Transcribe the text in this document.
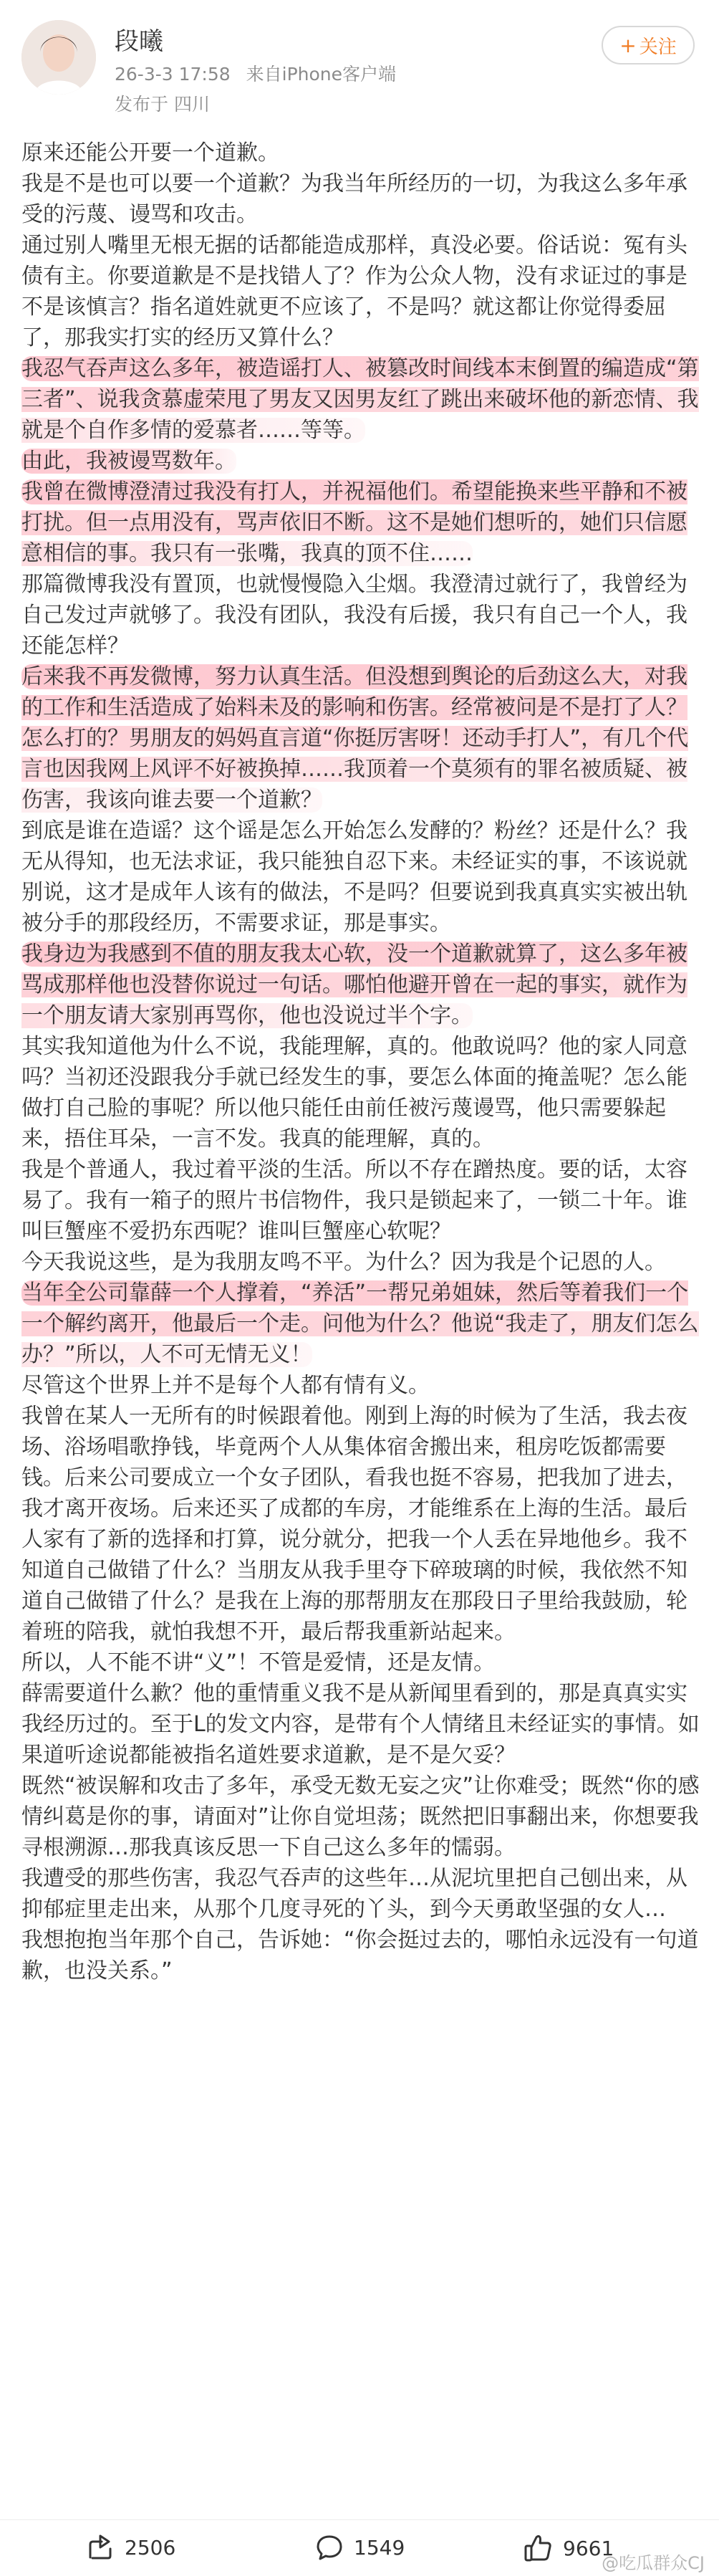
段曦
26-3-3 17:58 来自iPhone客户端
发布于 四川
+ 关注

原来还能公开要一个道歉。

我是不是也可以要一个道歉？为我当年所经历的一切，为我这么多年承受的污蔑、谩骂和攻击。

通过别人嘴里无根无据的话都能造成那样，真没必要。俗话说：冤有头债有主。你要道歉是不是找错人了？作为公众人物，没有求证过的事是不是该慎言？指名道姓就更不应该了，不是吗？就这都让你觉得委屈了，那我实打实的经历又算什么？

我忍气吞声这么多年，被造谣打人、被篡改时间线本末倒置的编造成“第三者”、说我贪慕虚荣甩了男友又因男友红了跳出来破坏他的新恋情、我就是个自作多情的爱慕者……等等。

由此，我被谩骂数年。

我曾在微博澄清过我没有打人，并祝福他们。希望能换来些平静和不被打扰。但一点用没有，骂声依旧不断。这不是她们想听的，她们只信愿意相信的事。我只有一张嘴，我真的顶不住……

那篇微博我没有置顶，也就慢慢隐入尘烟。我澄清过就行了，我曾经为自己发过声就够了。我没有团队，我没有后援，我只有自己一个人，我还能怎样？

后来我不再发微博，努力认真生活。但没想到舆论的后劲这么大，对我的工作和生活造成了始料未及的影响和伤害。经常被问是不是打了人？怎么打的？男朋友的妈妈直言道“你挺厉害呀！还动手打人”，有几个代言也因我网上风评不好被换掉……我顶着一个莫须有的罪名被质疑、被伤害，我该向谁去要一个道歉？

到底是谁在造谣？这个谣是怎么开始怎么发酵的？粉丝？还是什么？我无从得知，也无法求证，我只能独自忍下来。未经证实的事，不该说就别说，这才是成年人该有的做法，不是吗？但要说到我真真实实被出轨被分手的那段经历，不需要求证，那是事实。

我身边为我感到不值的朋友我太心软，没一个道歉就算了，这么多年被骂成那样他也没替你说过一句话。哪怕他避开曾在一起的事实，就作为一个朋友请大家别再骂你，他也没说过半个字。

其实我知道他为什么不说，我能理解，真的。他敢说吗？他的家人同意吗？当初还没跟我分手就已经发生的事，要怎么体面的掩盖呢？怎么能做打自己脸的事呢？所以他只能任由前任被污蔑谩骂，他只需要躲起来，捂住耳朵，一言不发。我真的能理解，真的。

我是个普通人，我过着平淡的生活。所以不存在蹭热度。要的话，太容易了。我有一箱子的照片书信物件，我只是锁起来了，一锁二十年。谁叫巨蟹座不爱扔东西呢？谁叫巨蟹座心软呢？

今天我说这些，是为我朋友鸣不平。为什么？因为我是个记恩的人。

当年全公司靠薛一个人撑着，“养活”一帮兄弟姐妹，然后等着我们一个一个解约离开，他最后一个走。问他为什么？他说“我走了，朋友们怎么办？”所以，人不可无情无义！

尽管这个世界上并不是每个人都有情有义。

我曾在某人一无所有的时候跟着他。刚到上海的时候为了生活，我去夜场、浴场唱歌挣钱，毕竟两个人从集体宿舍搬出来，租房吃饭都需要钱。后来公司要成立一个女子团队，看我也挺不容易，把我加了进去，我才离开夜场。后来还买了成都的车房，才能维系在上海的生活。最后人家有了新的选择和打算，说分就分，把我一个人丢在异地他乡。我不知道自己做错了什么？当朋友从我手里夺下碎玻璃的时候，我依然不知道自己做错了什么？是我在上海的那帮朋友在那段日子里给我鼓励，轮着班的陪我，就怕我想不开，最后帮我重新站起来。

所以，人不能不讲“义”！不管是爱情，还是友情。

薛需要道什么歉？他的重情重义我不是从新闻里看到的，那是真真实实我经历过的。至于L的发文内容，是带有个人情绪且未经证实的事情。如果道听途说都能被指名道姓要求道歉，是不是欠妥？

既然“被误解和攻击了多年，承受无数无妄之灾”让你难受；既然“你的感情纠葛是你的事，请面对”让你自觉坦荡；既然把旧事翻出来，你想要我寻根溯源…那我真该反思一下自己这么多年的懦弱。

我遭受的那些伤害，我忍气吞声的这些年…从泥坑里把自己刨出来，从抑郁症里走出来，从那个几度寻死的丫头，到今天勇敢坚强的女人…

我想抱抱当年那个自己，告诉她：“你会挺过去的，哪怕永远没有一句道歉，也没关系。”

2506	1549	9661
@吃瓜群众CJ
